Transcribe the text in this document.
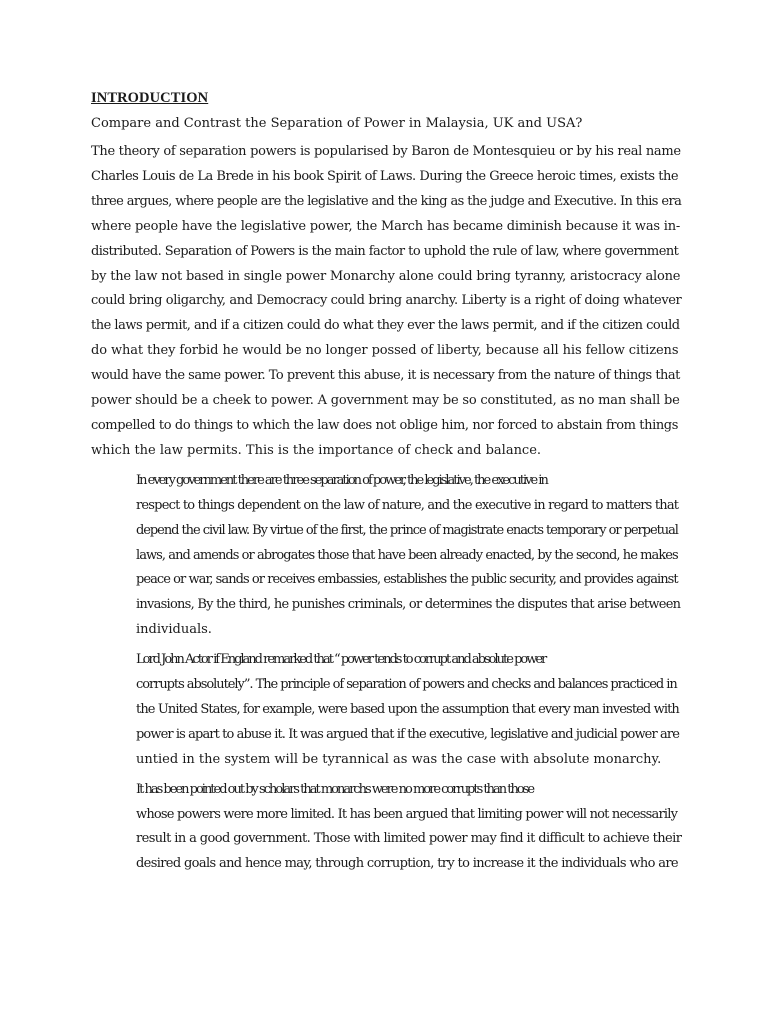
INTRODUCTION
Compare and Contrast the Separation of Power in Malaysia, UK and USA?
The theory of separation powers is popularised by Baron de Montesquieu or by his real name
Charles Louis de La Brede in his book Spirit of Laws. During the Greece heroic times, exists the
three argues, where people are the legislative and the king as the judge and Executive. In this era
where people have the legislative power, the March has became diminish because it was in-
distributed. Separation of Powers is the main factor to uphold the rule of law, where government
by the law not based in single power Monarchy alone could bring tyranny, aristocracy alone
could bring oligarchy, and Democracy could bring anarchy. Liberty is a right of doing whatever
the laws permit, and if a citizen could do what they ever the laws permit, and if the citizen could
do what they forbid he would be no longer possed of liberty, because all his fellow citizens
would have the same power. To prevent this abuse, it is necessary from the nature of things that
power should be a cheek to power. A government may be so constituted, as no man shall be
compelled to do things to which the law does not oblige him, nor forced to abstain from things
which the law permits. This is the importance of check and balance.
In every government there are three separation of power, the legislative, the executive in
respect to things dependent on the law of nature, and the executive in regard to matters that
depend the civil law. By virtue of the first, the prince of magistrate enacts temporary or perpetual
laws, and amends or abrogates those that have been already enacted, by the second, he makes
peace or war, sands or receives embassies, establishes the public security, and provides against
invasions, By the third, he punishes criminals, or determines the disputes that arise between
individuals.
Lord John Actor if England remarked that “ power tends to corrupt and absolute power
corrupts absolutely”. The principle of separation of powers and checks and balances practiced in
the United States, for example, were based upon the assumption that every man invested with
power is apart to abuse it. It was argued that if the executive, legislative and judicial power are
untied in the system will be tyrannical as was the case with absolute monarchy.
It has been pointed out by scholars that monarchs were no more corrupts than those
whose powers were more limited. It has been argued that limiting power will not necessarily
result in a good government. Those with limited power may find it difficult to achieve their
desired goals and hence may, through corruption, try to increase it the individuals who are
